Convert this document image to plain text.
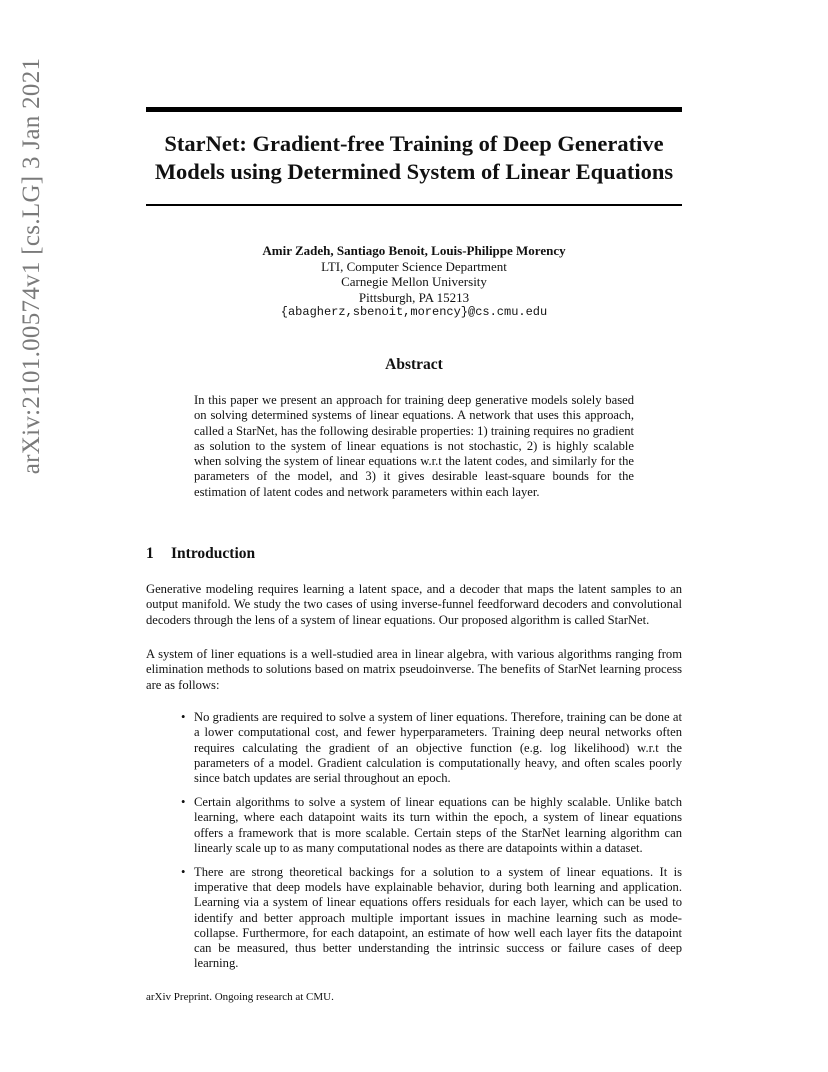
arXiv:2101.00574v1 [cs.LG] 3 Jan 2021	StarNet: Gradient-free Training of Deep Generative Models using Determined System of Linear Equations
Amir Zadeh, Santiago Benoit, Louis-Philippe Morency
LTI, Computer Science Department
Carnegie Mellon University
Pittsburgh, PA 15213
{abagherz,sbenoit,morency}@cs.cmu.edu
Abstract
In this paper we present an approach for training deep generative models solely based on solving determined systems of linear equations. A network that uses this approach, called a StarNet, has the following desirable properties: 1) training requires no gradient as solution to the system of linear equations is not stochastic, 2) is highly scalable when solving the system of linear equations w.r.t the latent codes, and similarly for the parameters of the model, and 3) it gives desirable least-square bounds for the estimation of latent codes and network parameters within each layer.
1 Introduction
Generative modeling requires learning a latent space, and a decoder that maps the latent samples to an output manifold. We study the two cases of using inverse-funnel feedforward decoders and convolutional decoders through the lens of a system of linear equations. Our proposed algorithm is called StarNet.
A system of liner equations is a well-studied area in linear algebra, with various algorithms ranging from elimination methods to solutions based on matrix pseudoinverse. The benefits of StarNet learning process are as follows:
• No gradients are required to solve a system of liner equations. Therefore, training can be done at a lower computational cost, and fewer hyperparameters. Training deep neural networks often requires calculating the gradient of an objective function (e.g. log likelihood) w.r.t the parameters of a model. Gradient calculation is computationally heavy, and often scales poorly since batch updates are serial throughout an epoch.
• Certain algorithms to solve a system of linear equations can be highly scalable. Unlike batch learning, where each datapoint waits its turn within the epoch, a system of linear equations offers a framework that is more scalable. Certain steps of the StarNet learning algorithm can linearly scale up to as many computational nodes as there are datapoints within a dataset.
• There are strong theoretical backings for a solution to a system of linear equations. It is imperative that deep models have explainable behavior, during both learning and application. Learning via a system of linear equations offers residuals for each layer, which can be used to identify and better approach multiple important issues in machine learning such as mode-collapse. Furthermore, for each datapoint, an estimate of how well each layer fits the datapoint can be measured, thus better understanding the intrinsic success or failure cases of deep learning.
arXiv Preprint. Ongoing research at CMU.
